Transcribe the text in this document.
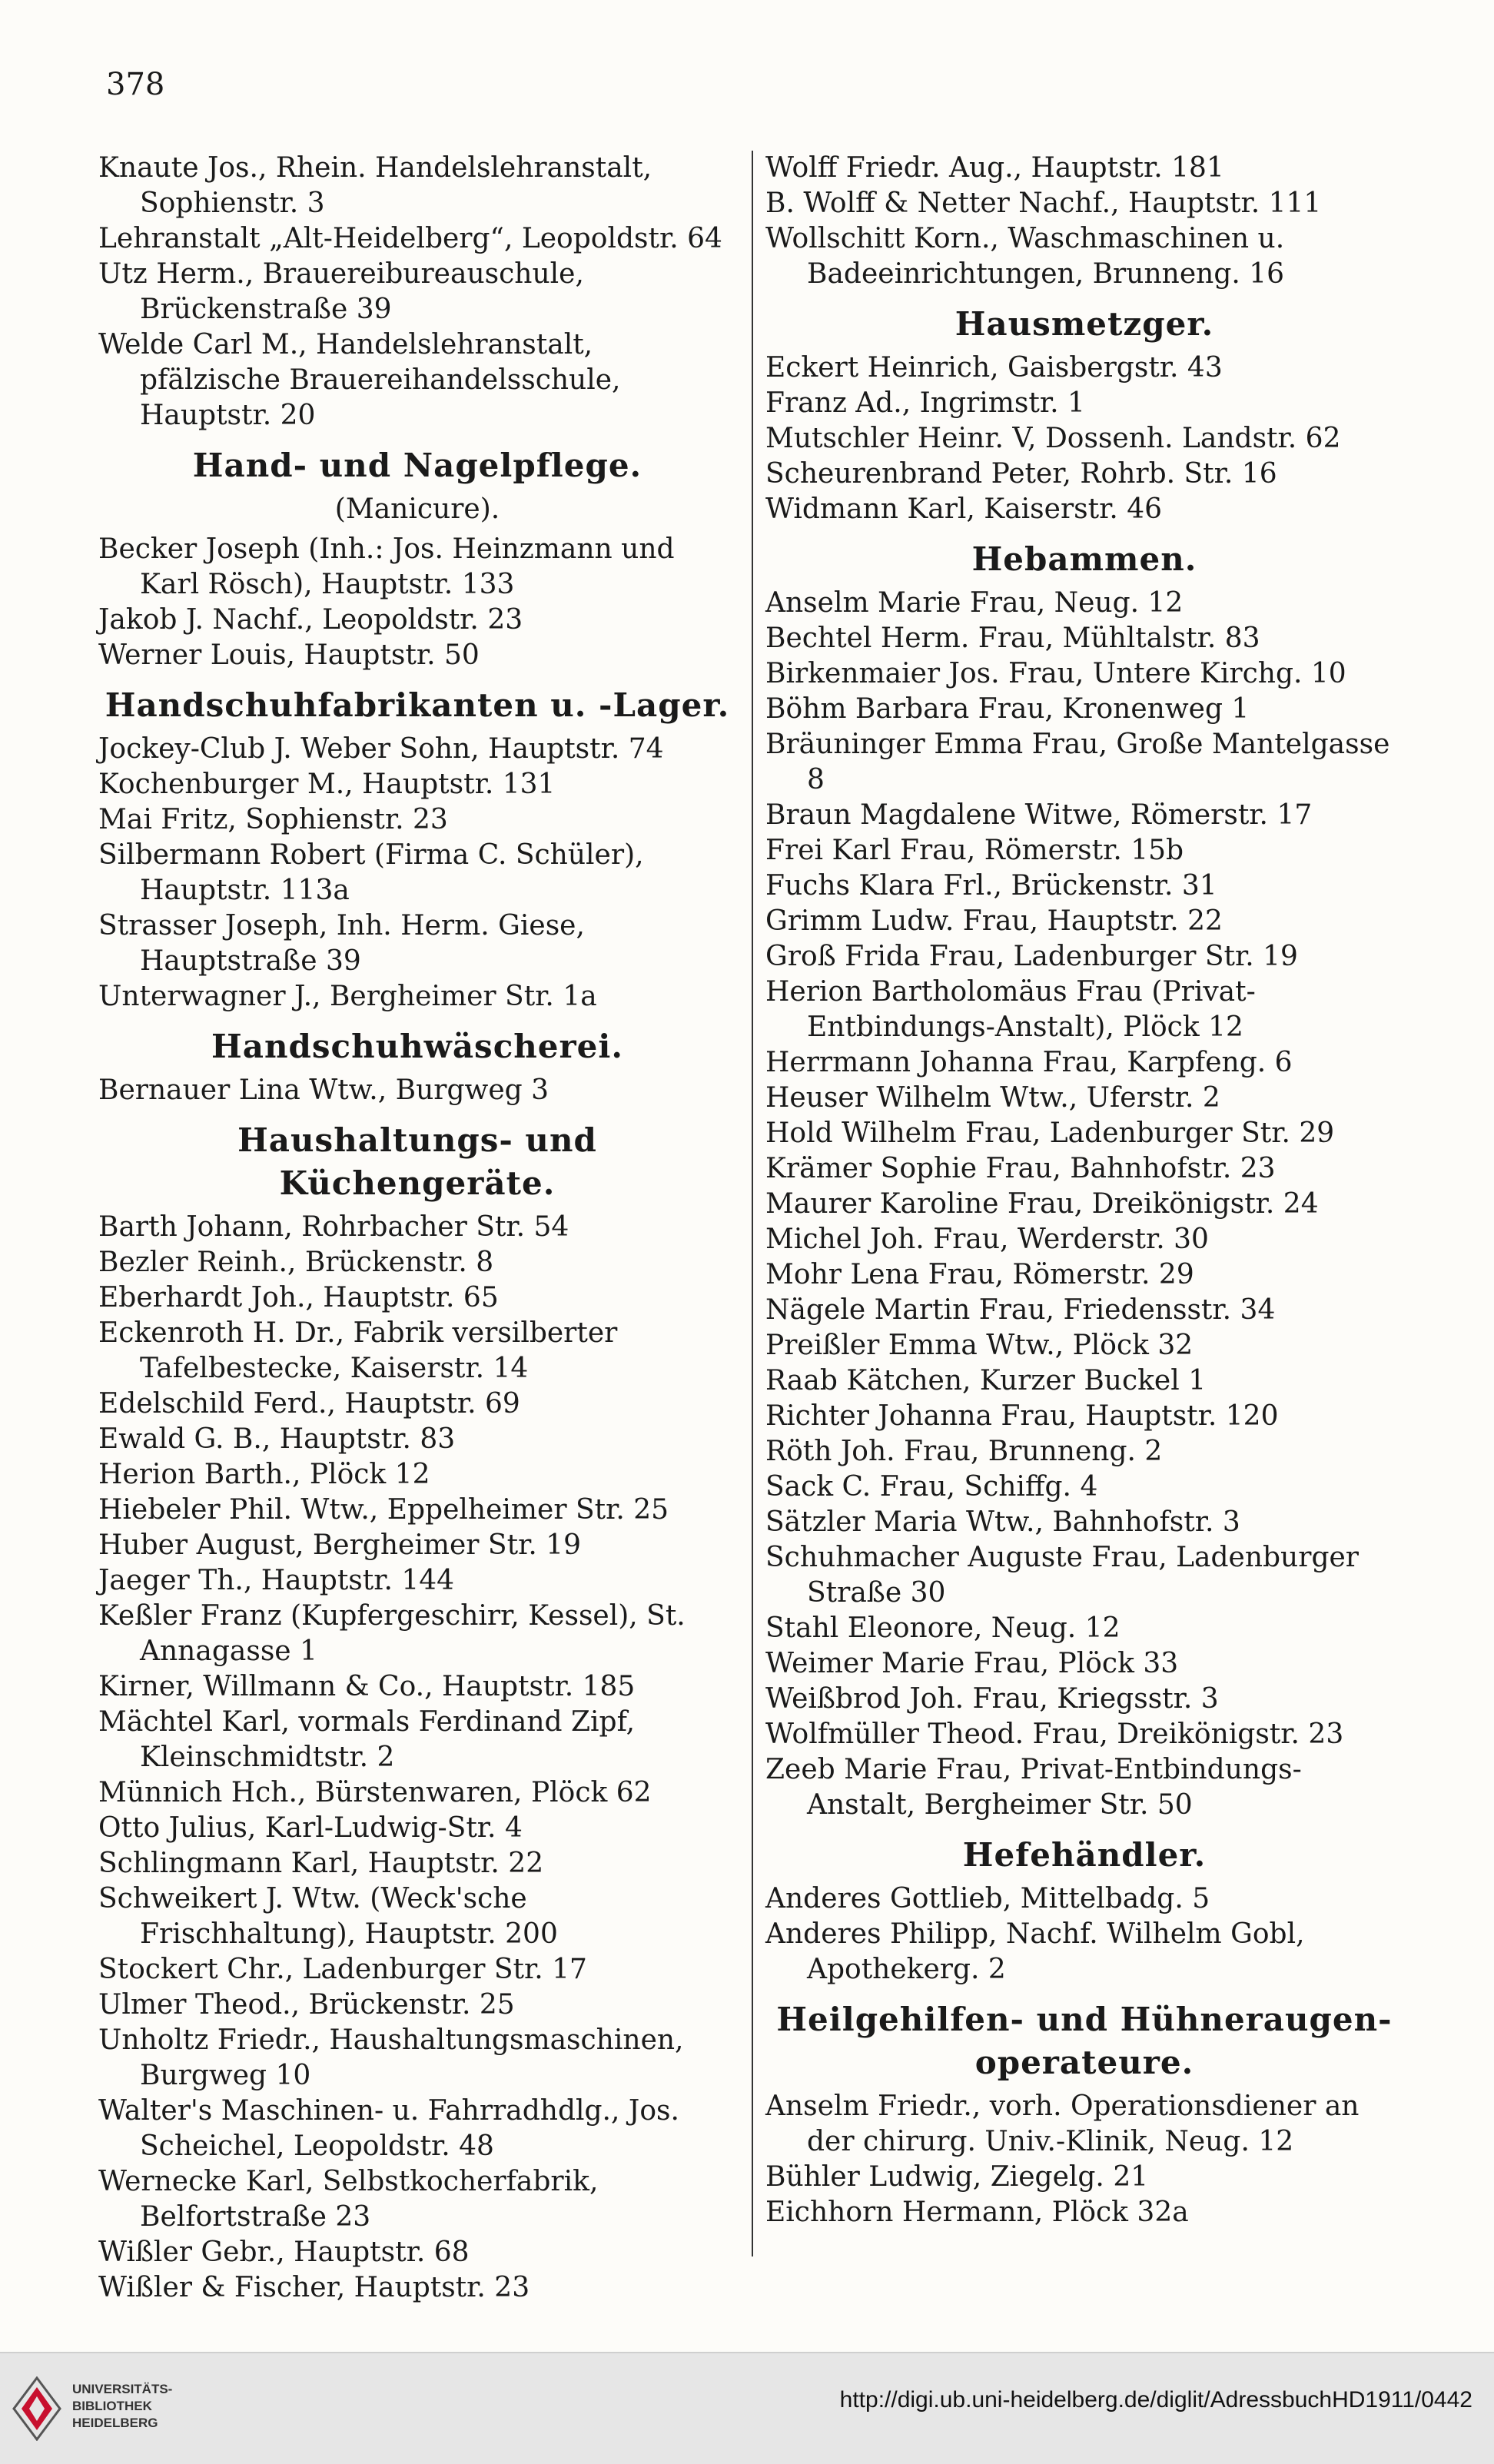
378

Knaute Jos., Rhein. Handelslehranstalt, Sophienstr. 3

Lehranstalt „Alt-Heidelberg“, Leopoldstr. 64

Utz Herm., Brauereibureauschule, Brückenstraße 39

Welde Carl M., Handelslehranstalt, pfälzische Brauereihandelsschule, Hauptstr. 20

Hand- und Nagelpflege.

(Manicure).

Becker Joseph (Inh.: Jos. Heinzmann und Karl Rösch), Hauptstr. 133

Jakob J. Nachf., Leopoldstr. 23

Werner Louis, Hauptstr. 50

Handschuhfabrikanten u. -Lager.

Jockey-Club J. Weber Sohn, Hauptstr. 74

Kochenburger M., Hauptstr. 131

Mai Fritz, Sophienstr. 23

Silbermann Robert (Firma C. Schüler), Hauptstr. 113a

Strasser Joseph, Inh. Herm. Giese, Hauptstraße 39

Unterwagner J., Bergheimer Str. 1a

Handschuhwäscherei.

Bernauer Lina Wtw., Burgweg 3

Haushaltungs- und Küchengeräte.

Barth Johann, Rohrbacher Str. 54

Bezler Reinh., Brückenstr. 8

Eberhardt Joh., Hauptstr. 65

Eckenroth H. Dr., Fabrik versilberter Tafelbestecke, Kaiserstr. 14

Edelschild Ferd., Hauptstr. 69

Ewald G. B., Hauptstr. 83

Herion Barth., Plöck 12

Hiebeler Phil. Wtw., Eppelheimer Str. 25

Huber August, Bergheimer Str. 19

Jaeger Th., Hauptstr. 144

Keßler Franz (Kupfergeschirr, Kessel), St. Annagasse 1

Kirner, Willmann & Co., Hauptstr. 185

Mächtel Karl, vormals Ferdinand Zipf, Kleinschmidtstr. 2

Münnich Hch., Bürstenwaren, Plöck 62

Otto Julius, Karl-Ludwig-Str. 4

Schlingmann Karl, Hauptstr. 22

Schweikert J. Wtw. (Weck'sche Frischhaltung), Hauptstr. 200

Stockert Chr., Ladenburger Str. 17

Ulmer Theod., Brückenstr. 25

Unholtz Friedr., Haushaltungsmaschinen, Burgweg 10

Walter's Maschinen- u. Fahrradhdlg., Jos. Scheichel, Leopoldstr. 48

Wernecke Karl, Selbstkocherfabrik, Belfortstraße 23

Wißler Gebr., Hauptstr. 68

Wißler & Fischer, Hauptstr. 23

Wolff Friedr. Aug., Hauptstr. 181

B. Wolff & Netter Nachf., Hauptstr. 111

Wollschitt Korn., Waschmaschinen u. Badeeinrichtungen, Brunneng. 16

Hausmetzger.

Eckert Heinrich, Gaisbergstr. 43

Franz Ad., Ingrimstr. 1

Mutschler Heinr. V, Dossenh. Landstr. 62

Scheurenbrand Peter, Rohrb. Str. 16

Widmann Karl, Kaiserstr. 46

Hebammen.

Anselm Marie Frau, Neug. 12

Bechtel Herm. Frau, Mühltalstr. 83

Birkenmaier Jos. Frau, Untere Kirchg. 10

Böhm Barbara Frau, Kronenweg 1

Bräuninger Emma Frau, Große Mantelgasse 8

Braun Magdalene Witwe, Römerstr. 17

Frei Karl Frau, Römerstr. 15b

Fuchs Klara Frl., Brückenstr. 31

Grimm Ludw. Frau, Hauptstr. 22

Groß Frida Frau, Ladenburger Str. 19

Herion Bartholomäus Frau (Privat-Entbindungs-Anstalt), Plöck 12

Herrmann Johanna Frau, Karpfeng. 6

Heuser Wilhelm Wtw., Uferstr. 2

Hold Wilhelm Frau, Ladenburger Str. 29

Krämer Sophie Frau, Bahnhofstr. 23

Maurer Karoline Frau, Dreikönigstr. 24

Michel Joh. Frau, Werderstr. 30

Mohr Lena Frau, Römerstr. 29

Nägele Martin Frau, Friedensstr. 34

Preißler Emma Wtw., Plöck 32

Raab Kätchen, Kurzer Buckel 1

Richter Johanna Frau, Hauptstr. 120

Röth Joh. Frau, Brunneng. 2

Sack C. Frau, Schiffg. 4

Sätzler Maria Wtw., Bahnhofstr. 3

Schuhmacher Auguste Frau, Ladenburger Straße 30

Stahl Eleonore, Neug. 12

Weimer Marie Frau, Plöck 33

Weißbrod Joh. Frau, Kriegsstr. 3

Wolfmüller Theod. Frau, Dreikönigstr. 23

Zeeb Marie Frau, Privat-Entbindungs-Anstalt, Bergheimer Str. 50

Hefehändler.

Anderes Gottlieb, Mittelbadg. 5

Anderes Philipp, Nachf. Wilhelm Gobl, Apothekerg. 2

Heilgehilfen- und Hühneraugen-operateure.

Anselm Friedr., vorh. Operationsdiener an der chirurg. Univ.-Klinik, Neug. 12

Bühler Ludwig, Ziegelg. 21

Eichhorn Hermann, Plöck 32a

UNIVERSITÄTS-
BIBLIOTHEK
HEIDELBERG
http://digi.ub.uni-heidelberg.de/diglit/AdressbuchHD1911/0442
